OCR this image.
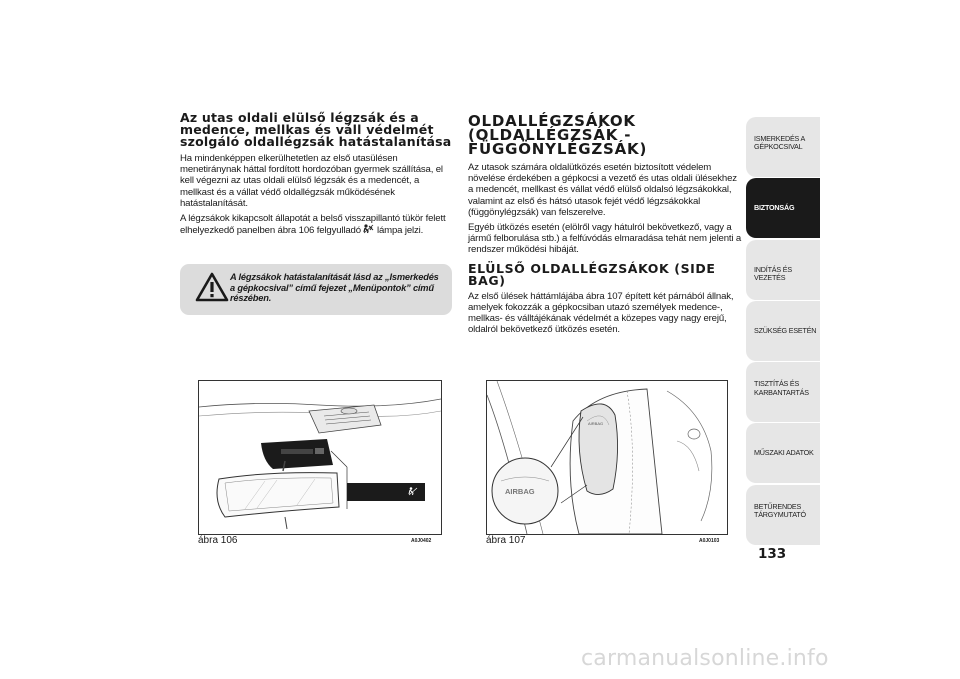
Az utas oldali elülső légzsák és a medence, mellkas és váll védelmét szolgáló oldallégzsák hatástalanítása

Ha mindenképpen elkerülhetetlen az első utasülésen menetiránynak háttal fordított hordozóban gyermek szállítása, el kell végezni az utas oldali elülső légzsák és a medencét, a mellkast és a vállat védő oldallégzsák működésének hatástalanítását.

A légzsákok kikapcsolt állapotát a belső visszapillantó tükör felett elhelyezkedő panelben ábra 106 felgyulladó lámpa jelzi.

A légzsákok hatástalanítását lásd az „Ismerkedés a gépkocsival” című fejezet „Menüpontok” című részében.
OLDALLÉGZSÁKOK (OLDALLÉGZSÁK - FÜGGÖNYLÉGZSÁK)

Az utasok számára oldalütközés esetén biztosított védelem növelése érdekében a gépkocsi a vezető és utas oldali ülésekhez a medencét, mellkast és vállat védő elülső oldalsó légzsákokkal, valamint az első és hátsó utasok fejét védő légzsákokkal (függönylégzsák) van felszerelve.

Egyéb ütközés esetén (elölről vagy hátulról bekövetkező, vagy a jármű felborulása stb.) a felfúvódás elmaradása tehát nem jelenti a rendszer működési hibáját.

ELÜLSŐ OLDALLÉGZSÁKOK (SIDE BAG)

Az első ülések háttámlájába ábra 107 épített két párnából állnak, amelyek fokozzák a gépkocsiban utazó személyek medence-, mellkas- és válltájékának védelmét a közepes vagy nagy erejű, oldalról bekövetkező ütközés esetén.

ábra 106	A0J0402
AIRBAG
AIRBAG
ábra 107	A0J0103
ISMERKEDÉS A GÉPKOCSIVAL
BIZTONSÁG
INDÍTÁS ÉS VEZETÉS
SZÜKSÉG ESETÉN
TISZTÍTÁS ÉS KARBANTARTÁS
MŰSZAKI ADATOK
BETŰRENDES TÁRGYMUTATÓ
133
carmanualsonline.info
